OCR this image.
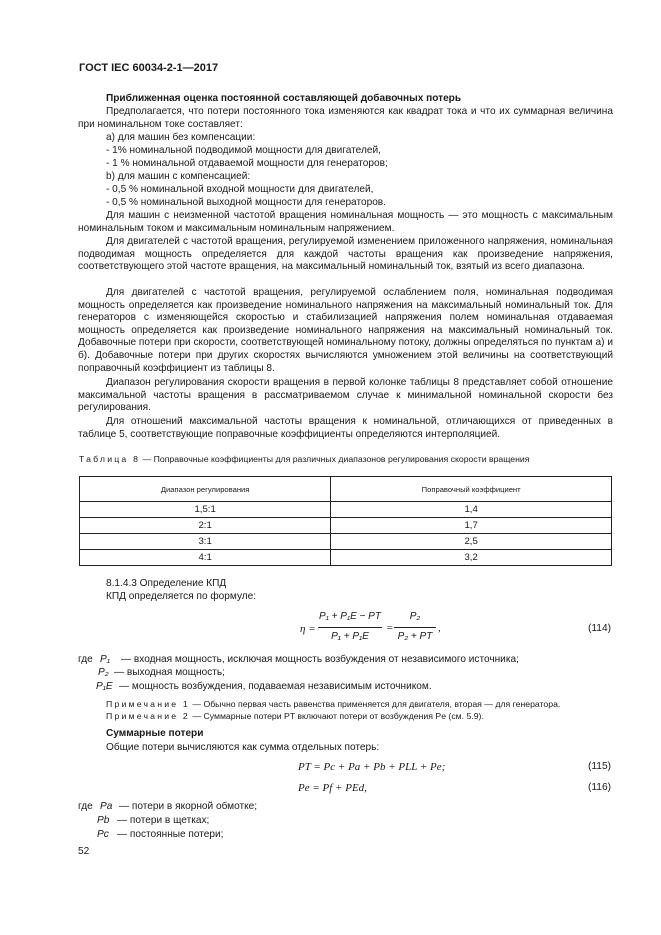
ГОСТ IEC 60034-2-1—2017
Приближенная оценка постоянной составляющей добавочных потерь
Предполагается, что потери постоянного тока изменяются как квадрат тока и что их суммарная величина при номинальном токе составляет:
a) для машин без компенсации:
- 1% номинальной подводимой мощности для двигателей,
- 1 % номинальной отдаваемой мощности для генераторов;
b) для машин с компенсацией:
- 0,5 % номинальной входной мощности для двигателей,
- 0,5 % номинальной выходной мощности для генераторов.
Для машин с неизменной частотой вращения номинальная мощность — это мощность с максимальным номинальным током и максимальным номинальным напряжением.
Для двигателей с частотой вращения, регулируемой изменением приложенного напряжения, номинальная подводимая мощность определяется для каждой частоты вращения как произведение напряжения, соответствующего этой частоте вращения, на максимальный номинальный ток, взятый из всего диапазона.
Для двигателей с частотой вращения, регулируемой ослаблением поля, номинальная подводимая мощность определяется как произведение номинального напряжения на максимальный номинальный ток. Для генераторов с изменяющейся скоростью и стабилизацией напряжения полем номинальная отдаваемая мощность определяется как произведение номинального напряжения на максимальный номинальный ток. Добавочные потери при скорости, соответствующей номинальному потоку, должны определяться по пунктам а) и б). Добавочные потери при других скоростях вычисляются умножением этой величины на соответствующий поправочный коэффициент из таблицы 8.
Диапазон регулирования скорости вращения в первой колонке таблицы 8 представляет собой отношение максимальной частоты вращения в рассматриваемом случае к минимальной номинальной скорости без регулирования.
Для отношений максимальной частоты вращения к номинальной, отличающихся от приведенных в таблице 5, соответствующие поправочные коэффициенты определяются интерполяцией.
Таблица 8 — Поправочные коэффициенты для различных диапазонов регулирования скорости вращения
Диапазон регулирования	Поправочный коэффициент
1,5:1	1,4
2:1	1,7
3:1	2,5
4:1	3,2
8.1.4.3 Определение КПД
КПД определяется по формуле:
η =
P₁ + P₁E − PT
P₁ + P₁E
=
P₂
P₂ + PT
,	(114)
где P₁ — входная мощность, исключая мощность возбуждения от независимого источника;
P₂ — выходная мощность;
P₁E — мощность возбуждения, подаваемая независимым источником.
Примечание 1 — Обычно первая часть равенства применяется для двигателя, вторая — для генератора.
Примечание 2 — Суммарные потери PT включают потери от возбуждения Pe (см. 5.9).
Суммарные потери
Общие потери вычисляются как сумма отдельных потерь:
PT = Pc + Pa + Pb + PLL + Pe;	(115)
Pe = Pf + PEd,	(116)
где Pa — потери в якорной обмотке;
Pb — потери в щетках;
Pc — постоянные потери;
52
